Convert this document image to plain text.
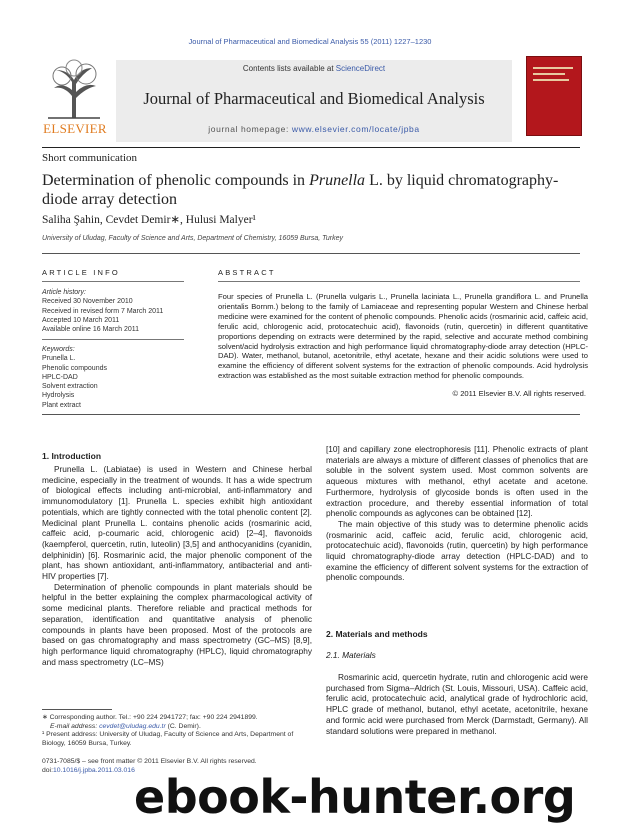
Journal of Pharmaceutical and Biomedical Analysis 55 (2011) 1227–1230
Contents lists available at ScienceDirect
Journal of Pharmaceutical and Biomedical Analysis
journal homepage: www.elsevier.com/locate/jpba
ELSEVIER
Short communication
Determination of phenolic compounds in Prunella L. by liquid chromatography-diode array detection
Saliha Şahin, Cevdet Demir∗, Hulusi Malyer¹
University of Uludag, Faculty of Science and Arts, Department of Chemistry, 16059 Bursa, Turkey
ARTICLE INFO
Article history:
Received 30 November 2010
Received in revised form 7 March 2011
Accepted 10 March 2011
Available online 16 March 2011
Keywords:
Prunella L.
Phenolic compounds
HPLC-DAD
Solvent extraction
Hydrolysis
Plant extract
ABSTRACT
Four species of Prunella L. (Prunella vulgaris L., Prunella laciniata L., Prunella grandiflora L. and Prunella orientalis Bornm.) belong to the family of Lamiaceae and representing popular Western and Chinese herbal medicine were examined for the content of phenolic compounds. Phenolic acids (rosmarinic acid, caffeic acid, ferulic acid, chlorogenic acid, protocatechuic acid), flavonoids (rutin, quercetin) in different quantitative proportions depending on extracts were determined by the rapid, selective and accurate method combining solvent/acid hydrolysis extraction and high performance liquid chromatography-diode array detection (HPLC-DAD). Water, methanol, butanol, acetonitrile, ethyl acetate, hexane and their acidic solutions were used to examine the efficiency of different solvent systems for the extraction of phenolic compounds. Acid hydrolysis extraction was established as the most suitable extraction method for phenolic compounds.
© 2011 Elsevier B.V. All rights reserved.
1. Introduction

Prunella L. (Labiatae) is used in Western and Chinese herbal medicine, especially in the treatment of wounds. It has a wide spectrum of biological effects including anti-microbial, anti-inflammatory and immunomodulatory [1]. Prunella L. species exhibit high antioxidant potentials, which are tightly connected with the total phenolic content [2]. Medicinal plant Prunella L. contains phenolic acids (rosmarinic acid, caffeic acid, p-coumaric acid, chlorogenic acid) [2–4], flavonoids (kaempferol, quercetin, rutin, luteolin) [3,5] and anthocyanidins (cyanidin, delphinidin) [6]. Rosmarinic acid, the major phenolic component of the plant, has shown antioxidant, anti-inflammatory, antibacterial and anti-HIV properties [7].

Determination of phenolic compounds in plant materials should be helpful in the better explaining the complex pharmacological activity of some medicinal plants. Therefore reliable and practical methods for separation, identification and quantitative analysis of phenolic compounds in plants have been proposed. Most of the protocols are based on gas chromatography and mass spectrometry (GC–MS) [8,9], high performance liquid chromatography (HPLC), liquid chromatography and mass spectrometry (LC–MS)

[10] and capillary zone electrophoresis [11]. Phenolic extracts of plant materials are always a mixture of different classes of phenolics that are soluble in the solvent system used. Most common solvents are aqueous mixtures with methanol, ethyl acetate and acetone. Furthermore, hydrolysis of glycoside bonds is often used in the extraction procedure, and thereby essential information of total phenolic compounds as aglycones can be obtained [12].

The main objective of this study was to determine phenolic acids (rosmarinic acid, caffeic acid, ferulic acid, chlorogenic acid, protocatechuic acid), flavonoids (rutin, quercetin) by high performance liquid chromatography-diode array detection (HPLC-DAD) and to examine the efficiency of different solvent systems for the extraction of phenolic compounds.

2. Materials and methods
2.1. Materials

Rosmarinic acid, quercetin hydrate, rutin and chlorogenic acid were purchased from Sigma–Aldrich (St. Louis, Missouri, USA). Caffeic acid, ferulic acid, protocatechuic acid, analytical grade of hydrochloric acid, HPLC grade of methanol, butanol, ethyl acetate, acetonitrile, hexane and formic acid were purchased from Merck (Darmstadt, Germany). All standard solutions were prepared in methanol.

∗ Corresponding author. Tel.: +90 224 2941727; fax: +90 224 2941899.
E-mail address: cevdet@uludag.edu.tr (C. Demir).
¹ Present address: University of Uludag, Faculty of Science and Arts, Department of Biology, 16059 Bursa, Turkey.
0731-7085/$ – see front matter © 2011 Elsevier B.V. All rights reserved.
doi:10.1016/j.jpba.2011.03.016 ebook-hunter.org
